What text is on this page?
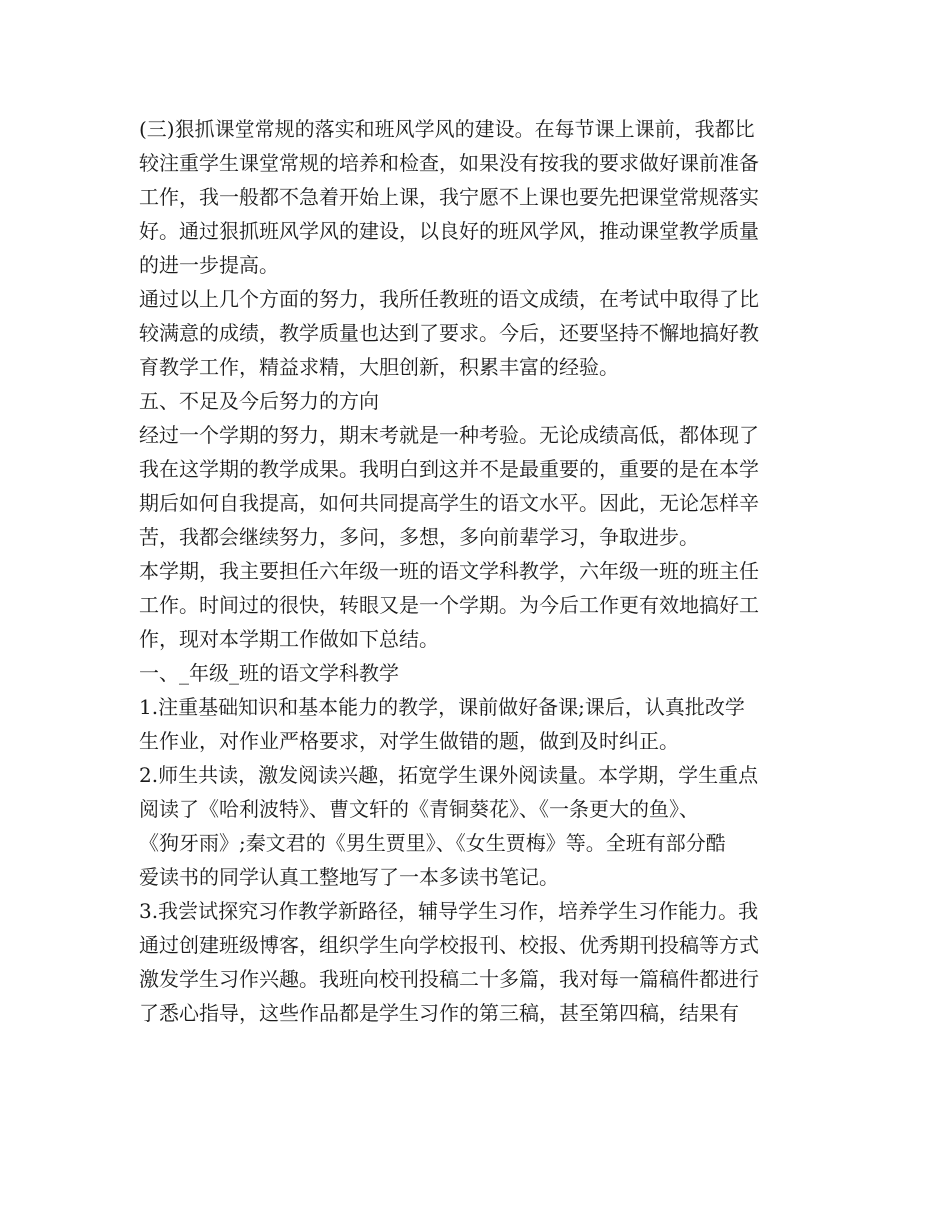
(三)狠抓课堂常规的落实和班风学风的建设。在每节课上课前，我都比

较注重学生课堂常规的培养和检查，如果没有按我的要求做好课前准备

工作，我一般都不急着开始上课，我宁愿不上课也要先把课堂常规落实

好。通过狠抓班风学风的建设，以良好的班风学风，推动课堂教学质量

的进一步提高。

通过以上几个方面的努力，我所任教班的语文成绩，在考试中取得了比

较满意的成绩，教学质量也达到了要求。今后，还要坚持不懈地搞好教

育教学工作，精益求精，大胆创新，积累丰富的经验。

五、不足及今后努力的方向

经过一个学期的努力，期末考就是一种考验。无论成绩高低，都体现了

我在这学期的教学成果。我明白到这并不是最重要的，重要的是在本学

期后如何自我提高，如何共同提高学生的语文水平。因此，无论怎样辛

苦，我都会继续努力，多问，多想，多向前辈学习，争取进步。

本学期，我主要担任六年级一班的语文学科教学，六年级一班的班主任

工作。时间过的很快，转眼又是一个学期。为今后工作更有效地搞好工

作，现对本学期工作做如下总结。

一、_年级_班的语文学科教学

1.注重基础知识和基本能力的教学，课前做好备课;课后，认真批改学

生作业，对作业严格要求，对学生做错的题，做到及时纠正。

2.师生共读，激发阅读兴趣，拓宽学生课外阅读量。本学期，学生重点

阅读了《哈利波特》、曹文轩的《青铜葵花》、《一条更大的鱼》、

《狗牙雨》;秦文君的《男生贾里》、《女生贾梅》等。全班有部分酷

爱读书的同学认真工整地写了一本多读书笔记。

3.我尝试探究习作教学新路径，辅导学生习作，培养学生习作能力。我

通过创建班级博客，组织学生向学校报刊、校报、优秀期刊投稿等方式

激发学生习作兴趣。我班向校刊投稿二十多篇，我对每一篇稿件都进行

了悉心指导，这些作品都是学生习作的第三稿，甚至第四稿，结果有
